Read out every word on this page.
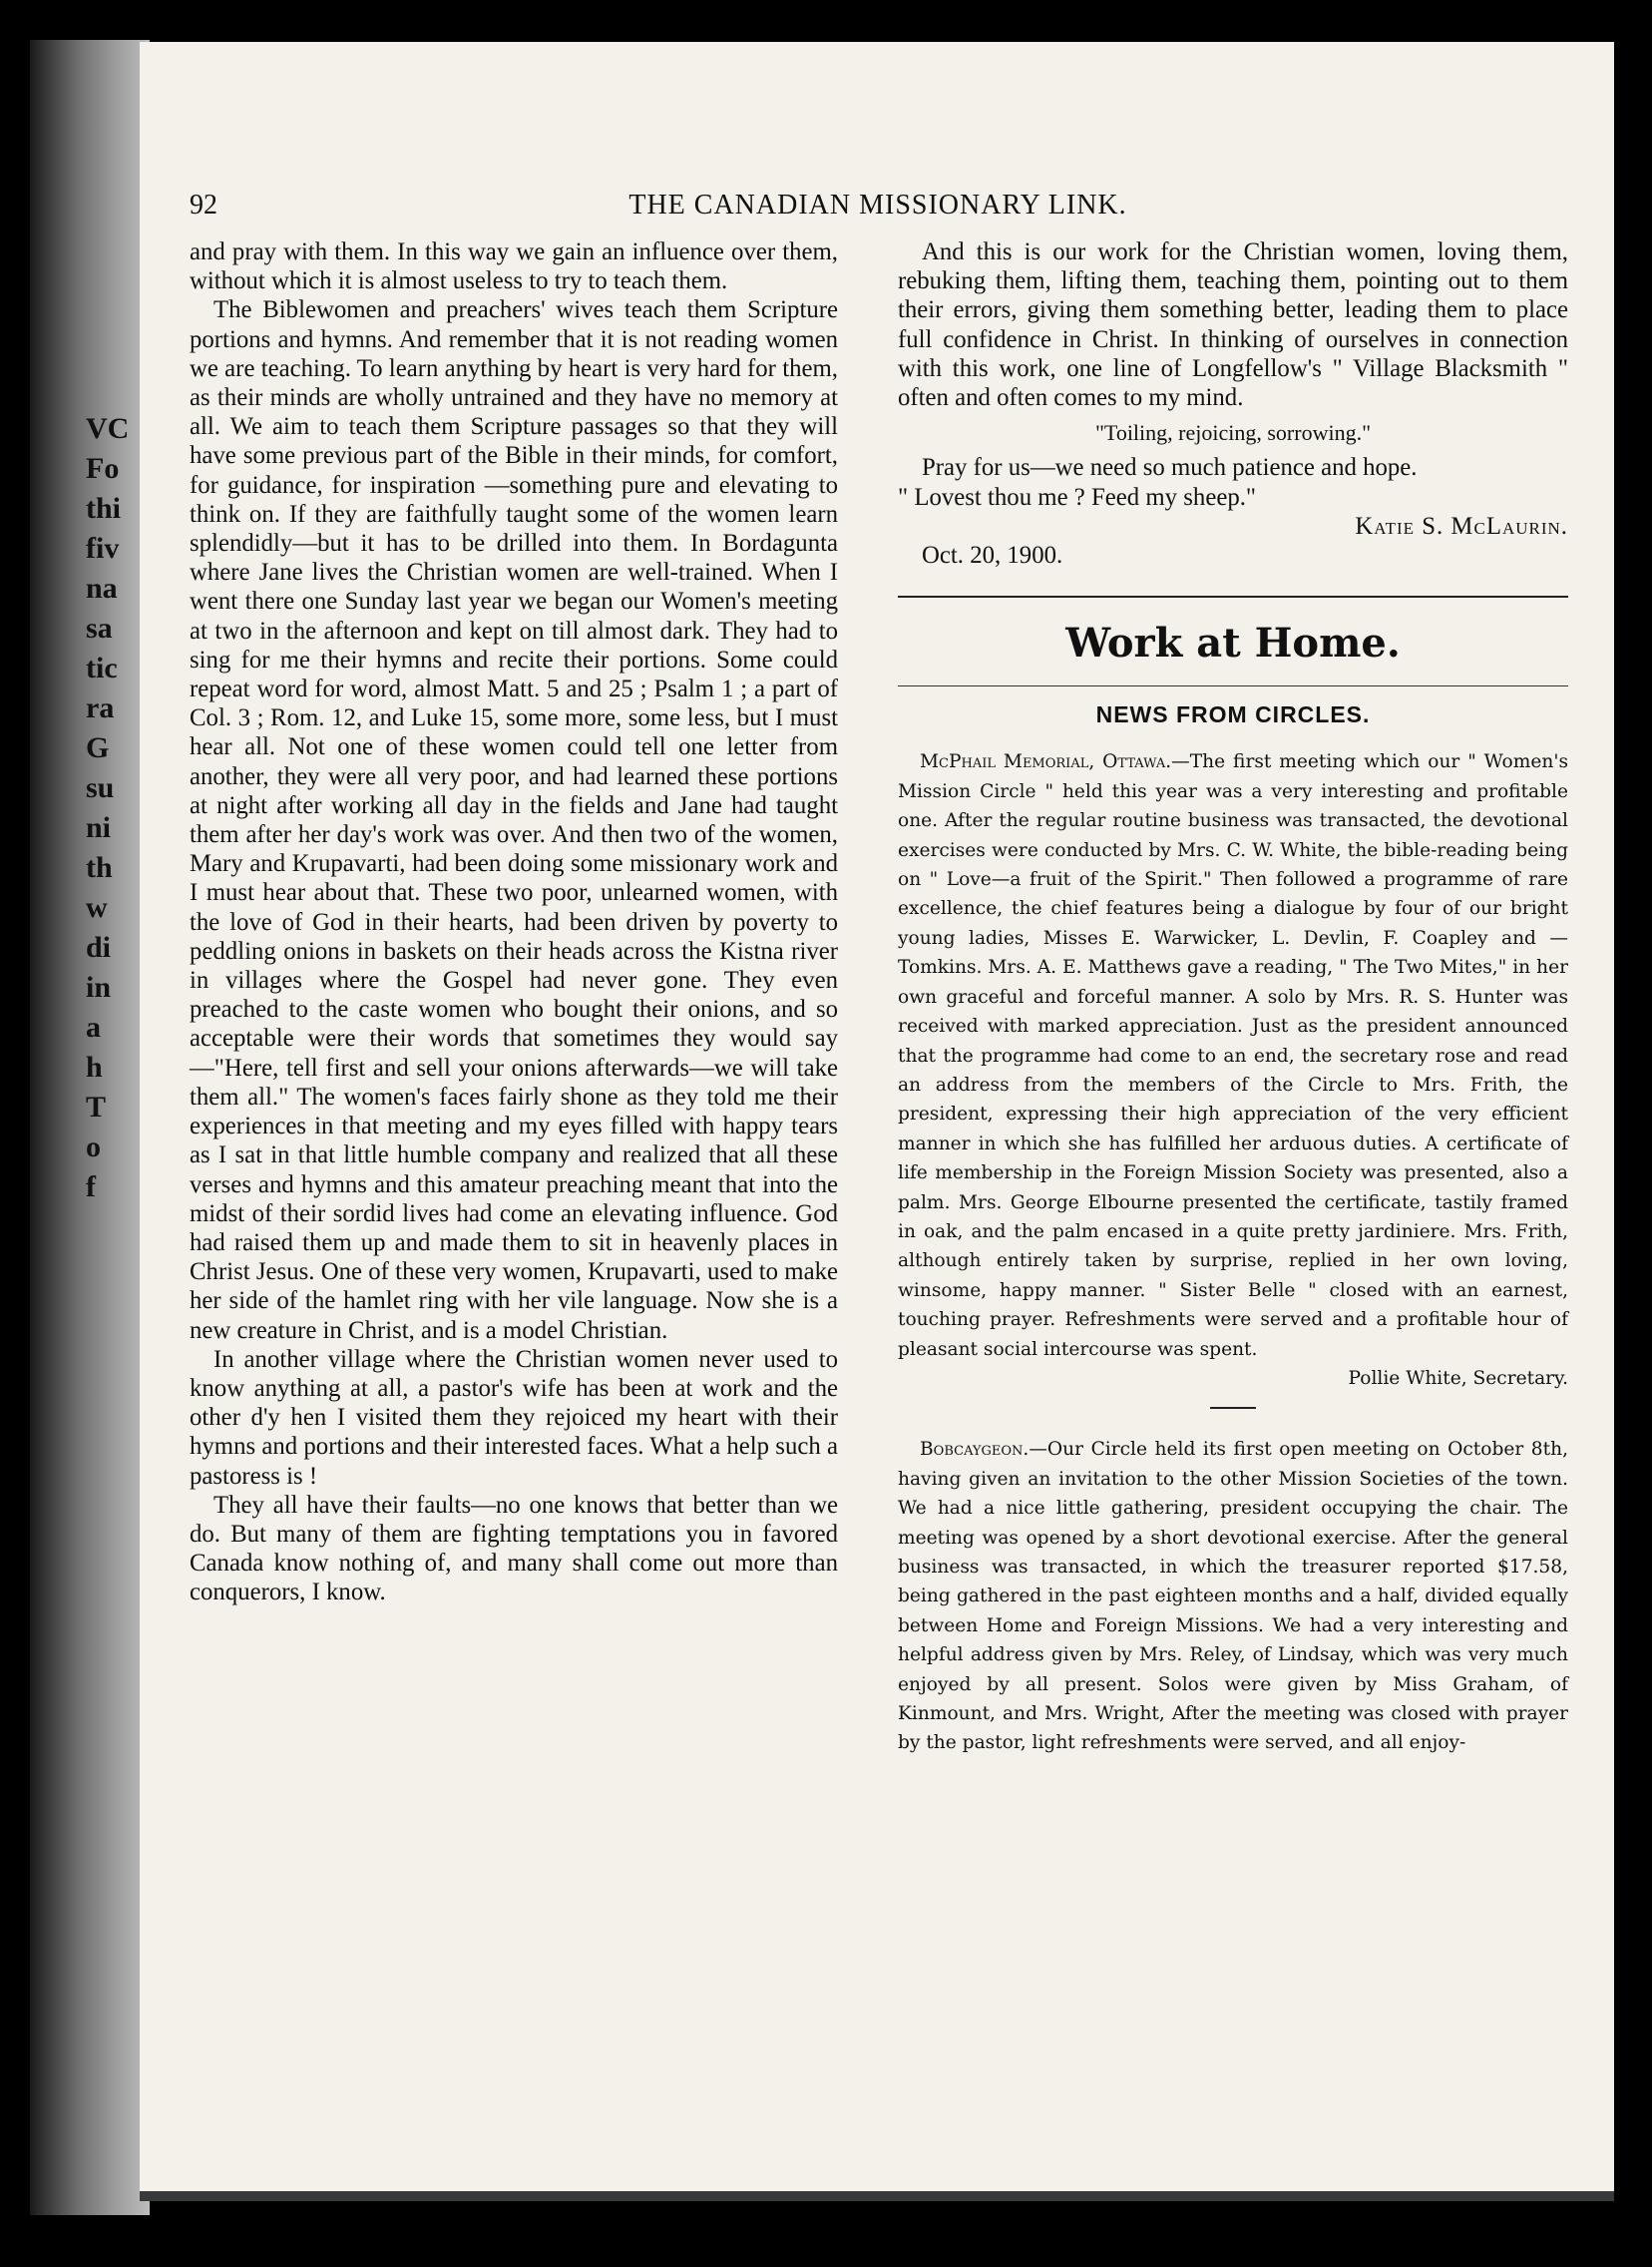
VC
Fo
thi
fiv
na
sa
tic
ra
G
su
ni
th
w
di
in
a
h
T
o
f
92	THE CANADIAN MISSIONARY LINK.

and pray with them. In this way we gain an influence over them, without which it is almost useless to try to teach them.

The Biblewomen and preachers' wives teach them Scripture portions and hymns. And remember that it is not reading women we are teaching. To learn anything by heart is very hard for them, as their minds are wholly untrained and they have no memory at all. We aim to teach them Scripture passages so that they will have some previous part of the Bible in their minds, for comfort, for guidance, for inspiration —something pure and elevating to think on. If they are faithfully taught some of the women learn splendidly—but it has to be drilled into them. In Bordagunta where Jane lives the Christian women are well-trained. When I went there one Sunday last year we began our Women's meeting at two in the afternoon and kept on till almost dark. They had to sing for me their hymns and recite their portions. Some could repeat word for word, almost Matt. 5 and 25 ; Psalm 1 ; a part of Col. 3 ; Rom. 12, and Luke 15, some more, some less, but I must hear all. Not one of these women could tell one letter from another, they were all very poor, and had learned these portions at night after working all day in the fields and Jane had taught them after her day's work was over. And then two of the women, Mary and Krupavarti, had been doing some missionary work and I must hear about that. These two poor, unlearned women, with the love of God in their hearts, had been driven by poverty to peddling onions in baskets on their heads across the Kistna river in villages where the Gospel had never gone. They even preached to the caste women who bought their onions, and so acceptable were their words that sometimes they would say—"Here, tell first and sell your onions afterwards—we will take them all." The women's faces fairly shone as they told me their experiences in that meeting and my eyes filled with happy tears as I sat in that little humble company and realized that all these verses and hymns and this amateur preaching meant that into the midst of their sordid lives had come an elevating influence. God had raised them up and made them to sit in heavenly places in Christ Jesus. One of these very women, Krupavarti, used to make her side of the hamlet ring with her vile language. Now she is a new creature in Christ, and is a model Christian.

In another village where the Christian women never used to know anything at all, a pastor's wife has been at work and the other d'y hen I visited them they rejoiced my heart with their hymns and portions and their interested faces. What a help such a pastoress is !

They all have their faults—no one knows that better than we do. But many of them are fighting temptations you in favored Canada know nothing of, and many shall come out more than conquerors, I know.

And this is our work for the Christian women, loving them, rebuking them, lifting them, teaching them, pointing out to them their errors, giving them something better, leading them to place full confidence in Christ. In thinking of ourselves in connection with this work, one line of Longfellow's " Village Blacksmith " often and often comes to my mind.

"Toiling, rejoicing, sorrowing."

Pray for us—we need so much patience and hope.

" Lovest thou me ? Feed my sheep."

Katie S. McLaurin.

Oct. 20, 1900.

Work at Home.
NEWS FROM CIRCLES.

McPhail Memorial, Ottawa.—The first meeting which our " Women's Mission Circle " held this year was a very interesting and profitable one. After the regular routine business was transacted, the devotional exercises were conducted by Mrs. C. W. White, the bible-reading being on " Love—a fruit of the Spirit." Then followed a programme of rare excellence, the chief features being a dialogue by four of our bright young ladies, Misses E. Warwicker, L. Devlin, F. Coapley and — Tomkins. Mrs. A. E. Matthews gave a reading, " The Two Mites," in her own graceful and forceful manner. A solo by Mrs. R. S. Hunter was received with marked appreciation. Just as the president announced that the programme had come to an end, the secretary rose and read an address from the members of the Circle to Mrs. Frith, the president, expressing their high appreciation of the very efficient manner in which she has fulfilled her arduous duties. A certificate of life membership in the Foreign Mission Society was presented, also a palm. Mrs. George Elbourne presented the certificate, tastily framed in oak, and the palm encased in a quite pretty jardiniere. Mrs. Frith, although entirely taken by surprise, replied in her own loving, winsome, happy manner. " Sister Belle " closed with an earnest, touching prayer. Refreshments were served and a profitable hour of pleasant social intercourse was spent.

Pollie White, Secretary.

Bobcaygeon.—Our Circle held its first open meeting on October 8th, having given an invitation to the other Mission Societies of the town. We had a nice little gathering, president occupying the chair. The meeting was opened by a short devotional exercise. After the general business was transacted, in which the treasurer reported $17.58, being gathered in the past eighteen months and a half, divided equally between Home and Foreign Missions. We had a very interesting and helpful address given by Mrs. Reley, of Lindsay, which was very much enjoyed by all present. Solos were given by Miss Graham, of Kinmount, and Mrs. Wright, After the meeting was closed with prayer by the pastor, light refreshments were served, and all enjoy-
